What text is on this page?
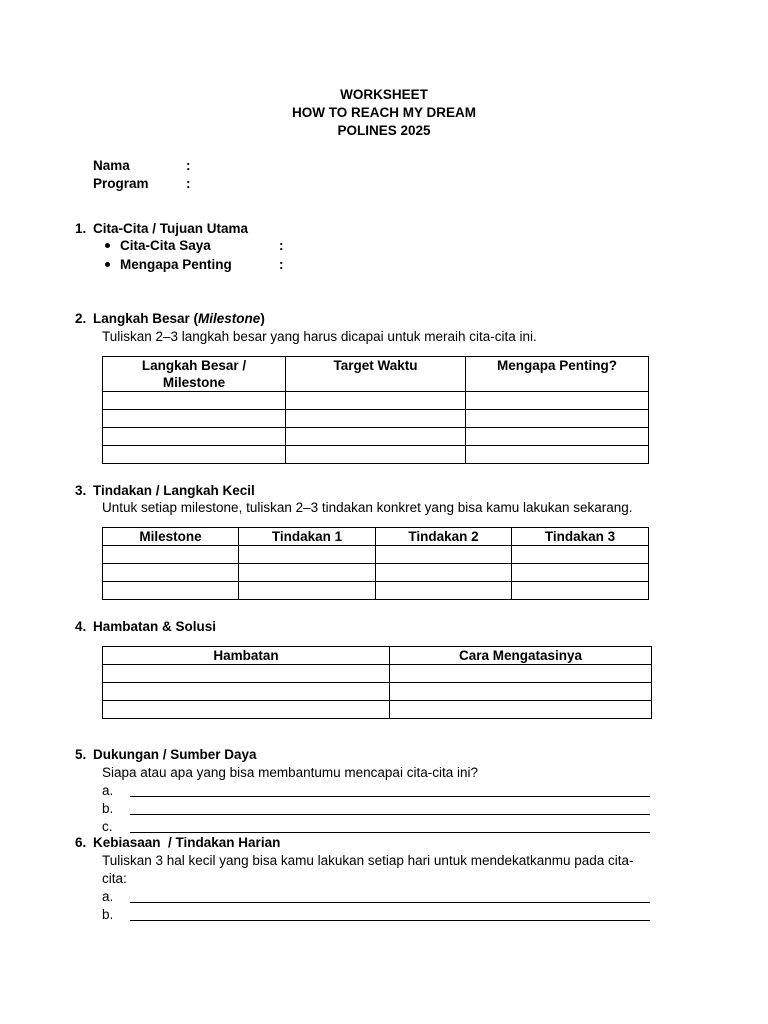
WORKSHEET
HOW TO REACH MY DREAM
POLINES 2025
Nama	:
Program	:
1. Cita-Cita / Tujuan Utama
Cita-Cita Saya	:
Mengapa Penting	:
2. Langkah Besar (Milestone)
Tuliskan 2–3 langkah besar yang harus dicapai untuk meraih cita-cita ini.
Langkah Besar / Milestone	Target Waktu	Mengapa Penting?

3. Tindakan / Langkah Kecil
Untuk setiap milestone, tuliskan 2–3 tindakan konkret yang bisa kamu lakukan sekarang.
Milestone	Tindakan 1	Tindakan 2	Tindakan 3

4. Hambatan & Solusi
Hambatan	Cara Mengatasinya

5. Dukungan / Sumber Daya
Siapa atau apa yang bisa membantumu mencapai cita-cita ini?
a.
b.
c.
6. Kebiasaan  / Tindakan Harian
Tuliskan 3 hal kecil yang bisa kamu lakukan setiap hari untuk mendekatkanmu pada cita-
cita:
a.
b.
